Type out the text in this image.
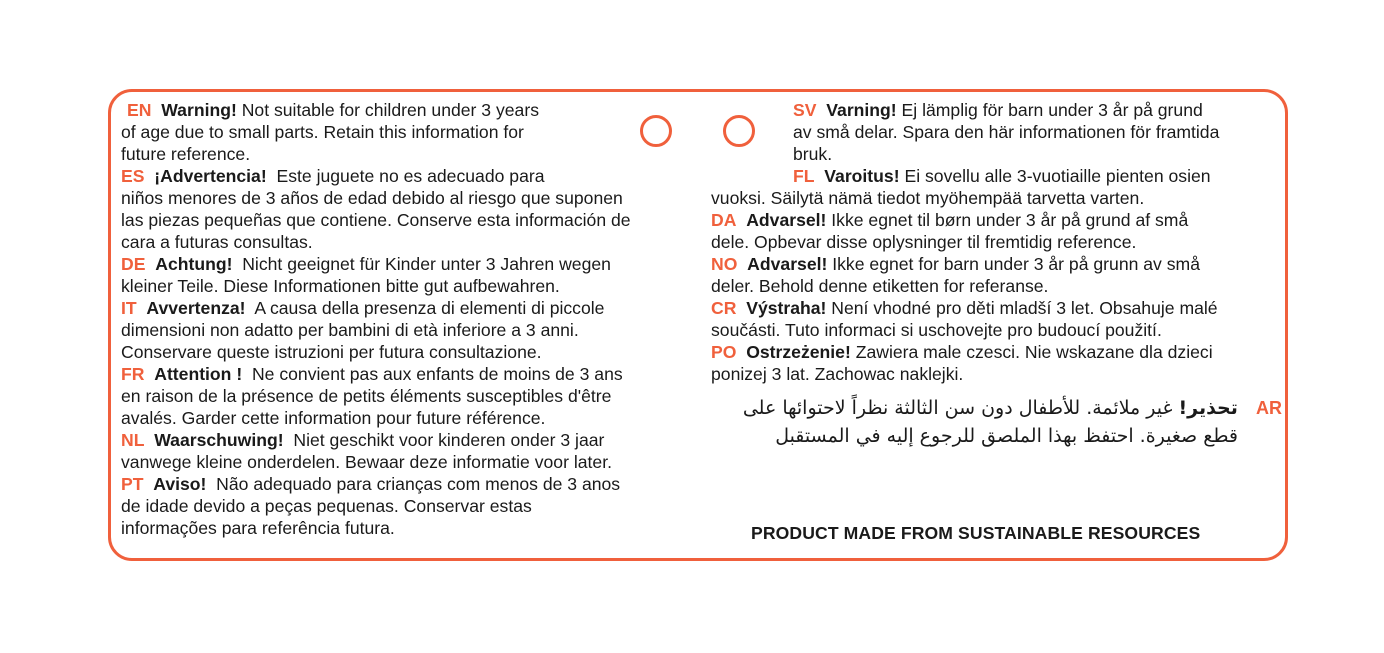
EN Warning! Not suitable for children under 3 years

of age due to small parts. Retain this information for

future reference.

ES ¡Advertencia! Este juguete no es adecuado para

niños menores de 3 años de edad debido al riesgo que suponen

las piezas pequeñas que contiene. Conserve esta información de

cara a futuras consultas.

DE Achtung! Nicht geeignet für Kinder unter 3 Jahren wegen

kleiner Teile. Diese Informationen bitte gut aufbewahren.

IT Avvertenza! A causa della presenza di elementi di piccole

dimensioni non adatto per bambini di età inferiore a 3 anni.

Conservare queste istruzioni per futura consultazione.

FR Attention ! Ne convient pas aux enfants de moins de 3 ans

en raison de la présence de petits éléments susceptibles d'être

avalés. Garder cette information pour future référence.

NL Waarschuwing! Niet geschikt voor kinderen onder 3 jaar

vanwege kleine onderdelen. Bewaar deze informatie voor later.

PT Aviso! Não adequado para crianças com menos de 3 anos

de idade devido a peças pequenas. Conservar estas

informações para referência futura.

SV Varning! Ej lämplig för barn under 3 år på grund

av små delar. Spara den här informationen för framtida

bruk.

FL Varoitus! Ei sovellu alle 3-vuotiaille pienten osien

vuoksi. Säilytä nämä tiedot myöhempää tarvetta varten.

DA Advarsel! Ikke egnet til børn under 3 år på grund af små

dele. Opbevar disse oplysninger til fremtidig reference.

NO Advarsel! Ikke egnet for barn under 3 år på grunn av små

deler. Behold denne etiketten for referanse.

CR Výstraha! Není vhodné pro děti mladší 3 let. Obsahuje malé

součásti. Tuto informaci si uschovejte pro budoucí použití.

PO Ostrzeżenie! Zawiera male czesci. Nie wskazane dla dzieci

ponizej 3 lat. Zachowac naklejki.

AR   تحذير! غير ملائمة. للأطفال دون سن الثالثة نظراً لاحتوائها على

قطع صغيرة. احتفظ بهذا الملصق للرجوع إليه في المستقبل

PRODUCT MADE FROM SUSTAINABLE RESOURCES
